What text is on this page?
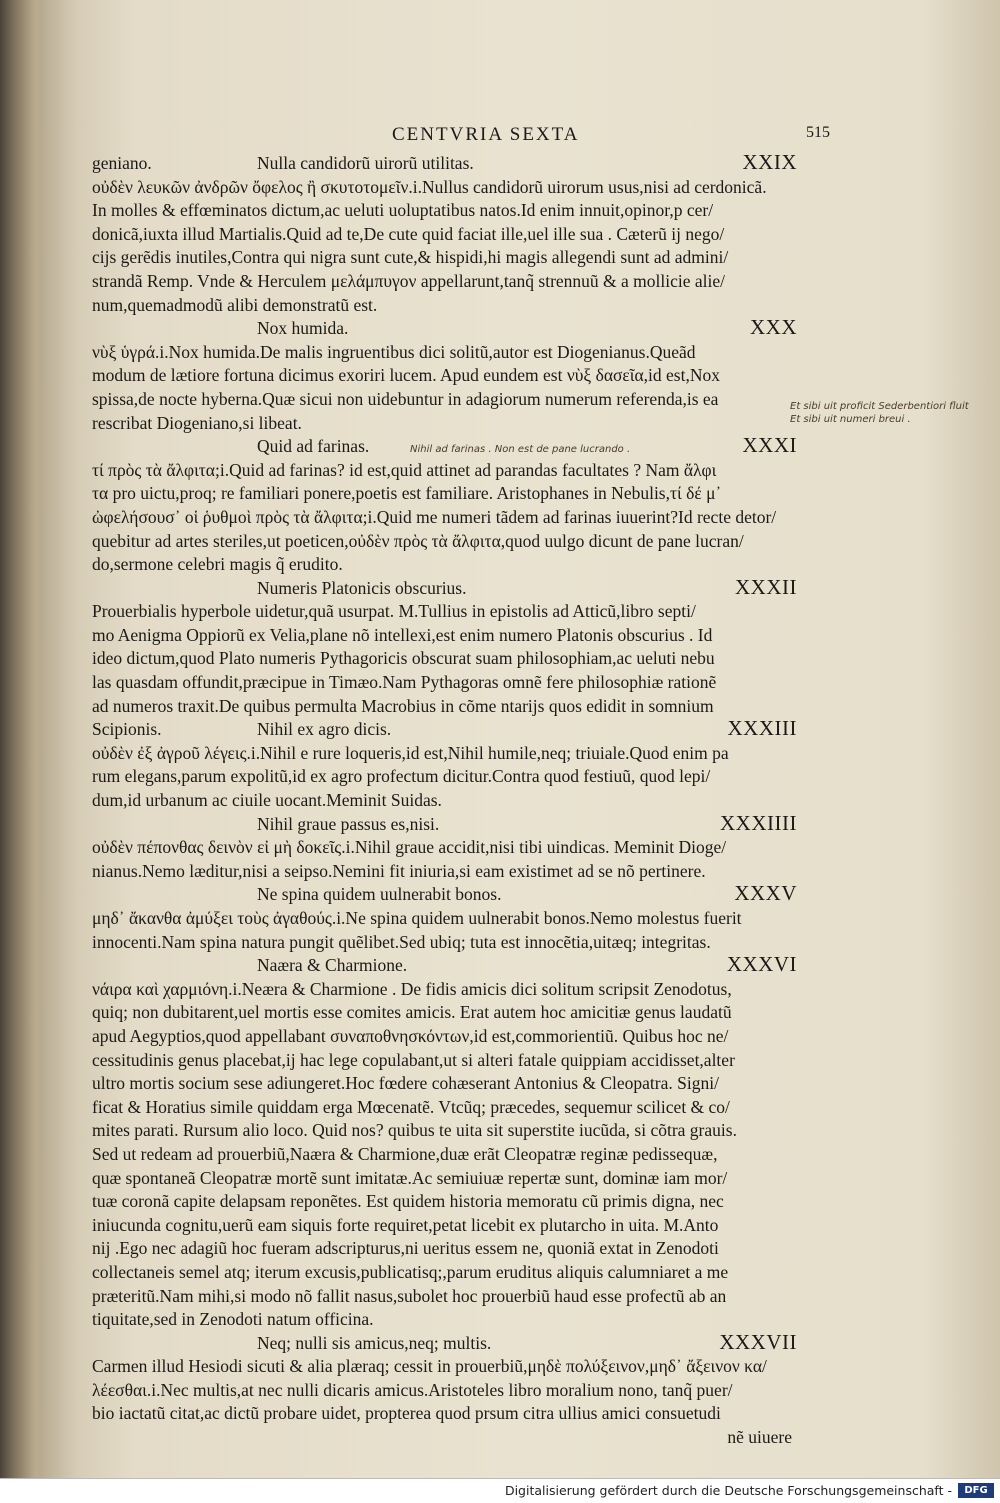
CENTVRIA SEXTA	515
geniano.	Nulla candidorũ uirorũ utilitas.	XXIX
οὐδὲν λευκῶν ἀνδρῶν ὄφελος ἢ σκυτοτομεῖν.i.Nullus candidorũ uirorum usus,nisi ad cerdonicã.
In molles & effœminatos dictum,ac ueluti uoluptatibus natos.Id enim innuit,opinor,p cer/
donicã,iuxta illud Martialis.Quid ad te,De cute quid faciat ille,uel ille sua . Cæterũ ij nego/
cijs gerẽdis inutiles,Contra qui nigra sunt cute,& hispidi,hi magis allegendi sunt ad admini/
strandã Remp. Vnde & Herculem μελάμπυγον appellarunt,tanq̃ strennuũ & a mollicie alie/
num,quemadmodũ alibi demonstratũ est.
Nox humida.	XXX
νὺξ ὑγρά.i.Nox humida.De malis ingruentibus dici solitũ,autor est Diogenianus.Queãd
modum de lætiore fortuna dicimus exoriri lucem. Apud eundem est νὺξ δασεῖα,id est,Nox
spissa,de nocte hyberna.Quæ sicui non uidebuntur in adagiorum numerum referenda,is ea
rescribat Diogeniano,si libeat.
Quid ad farinas.	Nihil ad farinas . Non est de pane lucrando .	XXXI
τί πρὸς τὰ ἄλφιτα;i.Quid ad farinas? id est,quid attinet ad parandas facultates ? Nam ἄλφι
τα pro uictu,proq; re familiari ponere,poetis est familiare. Aristophanes in Nebulis,τί δέ μ᾽
ὠφελήσουσ᾽ οἱ ῥυθμοὶ πρὸς τὰ ἄλφιτα;i.Quid me numeri tãdem ad farinas iuuerint?Id recte detor/
quebitur ad artes steriles,ut poeticen,οὐδὲν πρὸς τὰ ἄλφιτα,quod uulgo dicunt de pane lucran/
do,sermone celebri magis q̃ erudito.
Numeris Platonicis obscurius.	XXXII
Prouerbialis hyperbole uidetur,quã usurpat. M.Tullius in epistolis ad Atticũ,libro septi/
mo Aenigma Oppiorũ ex Velia,plane nõ intellexi,est enim numero Platonis obscurius . Id
ideo dictum,quod Plato numeris Pythagoricis obscurat suam philosophiam,ac ueluti nebu
las quasdam offundit,præcipue in Timæo.Nam Pythagoras omnẽ fere philosophiæ rationẽ
ad numeros traxit.De quibus permulta Macrobius in cõme ntarijs quos edidit in somnium
Scipionis.	Nihil ex agro dicis.	XXXIII
οὐδὲν ἐξ ἀγροῦ λέγεις.i.Nihil e rure loqueris,id est,Nihil humile,neq; triuiale.Quod enim pa
rum elegans,parum expolitũ,id ex agro profectum dicitur.Contra quod festiuũ, quod lepi/
dum,id urbanum ac ciuile uocant.Meminit Suidas.
Nihil graue passus es,nisi.	XXXIIII
οὐδὲν πέπονθας δεινὸν εἰ μὴ δοκεῖς.i.Nihil graue accidit,nisi tibi uindicas. Meminit Dioge/
nianus.Nemo læditur,nisi a seipso.Nemini fit iniuria,si eam existimet ad se nõ pertinere.
Ne spina quidem uulnerabit bonos.	XXXV
μηδ᾽ ἄκανθα ἀμύξει τοὺς ἀγαθούς.i.Ne spina quidem uulnerabit bonos.Nemo molestus fuerit
innocenti.Nam spina natura pungit quẽlibet.Sed ubiq; tuta est innocẽtia,uitæq; integritas.
Naæra & Charmione.	XXXVI
νάιρα καὶ χαρμιόνη.i.Neæra & Charmione . De fidis amicis dici solitum scripsit Zenodotus,
quiq; non dubitarent,uel mortis esse comites amicis. Erat autem hoc amicitiæ genus laudatũ
apud Aegyptios,quod appellabant συναποθνησκόντων,id est,commorientiũ. Quibus hoc ne/
cessitudinis genus placebat,ij hac lege copulabant,ut si alteri fatale quippiam accidisset,alter
ultro mortis socium sese adiungeret.Hoc fœdere cohæserant Antonius & Cleopatra. Signi/
ficat & Horatius simile quiddam erga Mœcenatẽ. Vtcũq; præcedes, sequemur scilicet & co/
mites parati. Rursum alio loco. Quid nos? quibus te uita sit superstite iucũda, si cõtra grauis.
Sed ut redeam ad prouerbiũ,Naæra & Charmione,duæ erãt Cleopatræ reginæ pedissequæ,
quæ spontaneã Cleopatræ mortẽ sunt imitatæ.Ac semiuiuæ repertæ sunt, dominæ iam mor/
tuæ coronã capite delapsam reponẽtes. Est quidem historia memoratu cũ primis digna, nec
iniucunda cognitu,uerũ eam siquis forte requiret,petat licebit ex plutarcho in uita. M.Anto
nij .Ego nec adagiũ hoc fueram adscripturus,ni ueritus essem ne, quoniã extat in Zenodoti
collectaneis semel atq; iterum excusis,publicatisq;,parum eruditus aliquis calumniaret a me
præteritũ.Nam mihi,si modo nõ fallit nasus,subolet hoc prouerbiũ haud esse profectũ ab an
tiquitate,sed in Zenodoti natum officina.
Neq; nulli sis amicus,neq; multis.	XXXVII
Carmen illud Hesiodi sicuti & alia plæraq; cessit in prouerbiũ,μηδὲ πολύξεινον,μηδ᾽ ἄξεινον κα/
λέεσθαι.i.Nec multis,at nec nulli dicaris amicus.Aristoteles libro moralium nono, tanq̃ puer/
bio iactatũ citat,ac dictũ probare uidet, propterea quod prsum citra ullius amici consuetudi
nẽ uiuere
Et sibi uit proficit Sederbentiori fluit
Et sibi uit numeri breui .
Digitalisierung gefördert durch die Deutsche Forschungsgemeinschaft -	DFG
